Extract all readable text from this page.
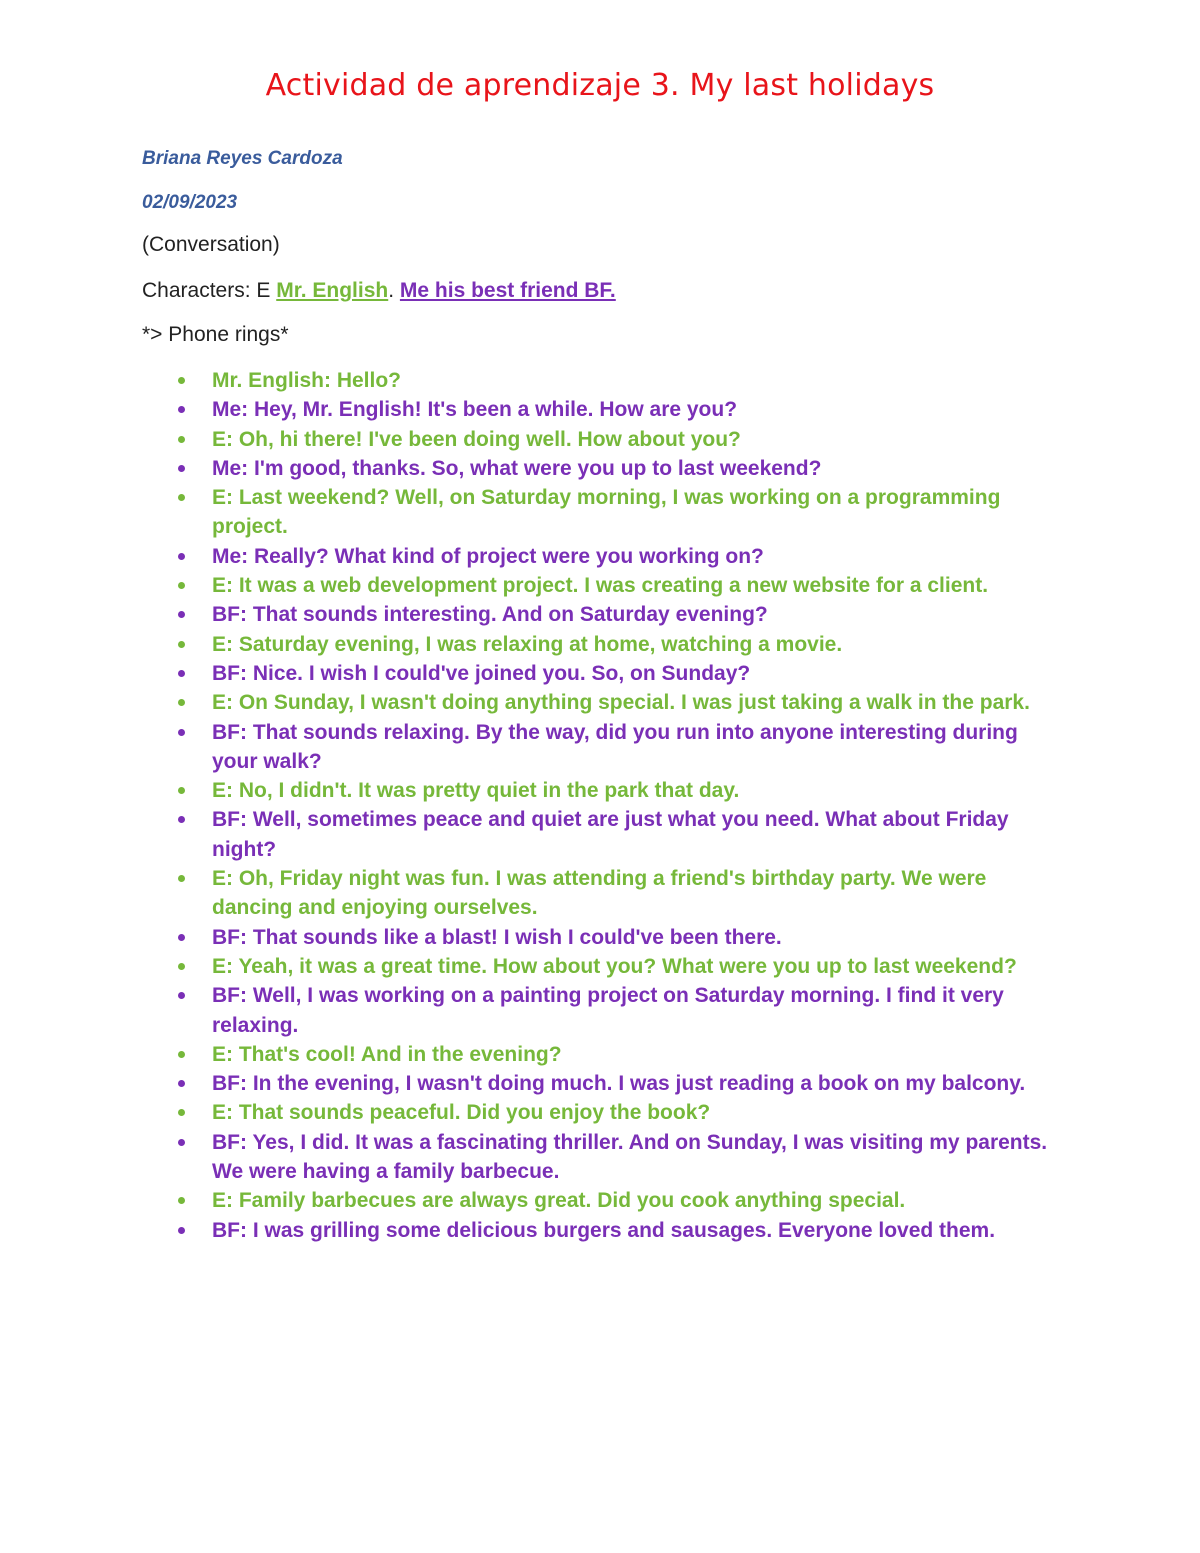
Actividad de aprendizaje 3. My last holidays
Briana Reyes Cardoza
02/09/2023
(Conversation)
Characters: E Mr. English. Me his best friend BF.
*> Phone rings*
Mr. English: Hello?
Me: Hey, Mr. English! It's been a while. How are you?
E: Oh, hi there! I've been doing well. How about you?
Me: I'm good, thanks. So, what were you up to last weekend?
E: Last weekend? Well, on Saturday morning, I was working on a programming project.
Me: Really? What kind of project were you working on?
E: It was a web development project. I was creating a new website for a client.
BF: That sounds interesting. And on Saturday evening?
E: Saturday evening, I was relaxing at home, watching a movie.
BF: Nice. I wish I could've joined you. So, on Sunday?
E: On Sunday, I wasn't doing anything special. I was just taking a walk in the park.
BF: That sounds relaxing. By the way, did you run into anyone interesting during your walk?
E: No, I didn't. It was pretty quiet in the park that day.
BF: Well, sometimes peace and quiet are just what you need. What about Friday night?
E: Oh, Friday night was fun. I was attending a friend's birthday party. We were dancing and enjoying ourselves.
BF: That sounds like a blast! I wish I could've been there.
E: Yeah, it was a great time. How about you? What were you up to last weekend?
BF: Well, I was working on a painting project on Saturday morning. I find it very relaxing.
E: That's cool! And in the evening?
BF: In the evening, I wasn't doing much. I was just reading a book on my balcony.
E: That sounds peaceful. Did you enjoy the book?
BF: Yes, I did. It was a fascinating thriller. And on Sunday, I was visiting my parents. We were having a family barbecue.
E: Family barbecues are always great. Did you cook anything special.
BF: I was grilling some delicious burgers and sausages. Everyone loved them.
